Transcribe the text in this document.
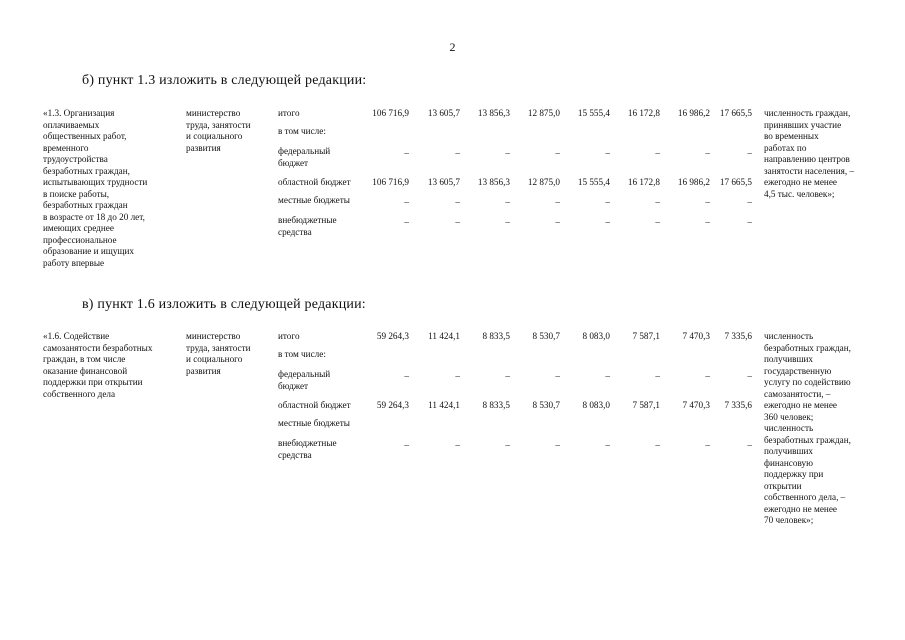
2
б) пункт 1.3 изложить в следующей редакции:
«1.3. Организация
оплачиваемых
общественных работ,
временного
трудоустройства
безработных граждан,
испытывающих трудности
в поиске работы,
безработных граждан
в возрасте от 18 до 20 лет,
имеющих среднее
профессиональное
образование и ищущих
работу впервые
министерство
труда, занятости
и социального
развития
итого	106 716,9	13 605,7	13 856,3	12 875,0	15 555,4	16 172,8	16 986,2	17 665,5
в том числе:
федеральный
бюджет
–	–	–	–	–	–	–	–
областной бюджет	106 716,9	13 605,7	13 856,3	12 875,0	15 555,4	16 172,8	16 986,2	17 665,5
местные бюджеты	–	–	–	–	–	–	–	–
внебюджетные
средства
–	–	–	–	–	–	–	–
численность граждан,
принявших участие
во временных
работах по
направлению центров
занятости населения, –
ежегодно не менее
4,5 тыс. человек»;
в) пункт 1.6 изложить в следующей редакции:
«1.6. Содействие
самозанятости безработных
граждан, в том числе
оказание финансовой
поддержки при открытии
собственного дела
министерство
труда, занятости
и социального
развития
итого	59 264,3	11 424,1	8 833,5	8 530,7	8 083,0	7 587,1	7 470,3	7 335,6
в том числе:
федеральный
бюджет
–	–	–	–	–	–	–	–
областной бюджет	59 264,3	11 424,1	8 833,5	8 530,7	8 083,0	7 587,1	7 470,3	7 335,6
местные бюджеты
внебюджетные
средства
–	–	–	–	–	–	–	–
численность
безработных граждан,
получивших
государственную
услугу по содействию
самозанятости, –
ежегодно не менее
360 человек;
численность
безработных граждан,
получивших
финансовую
поддержку при
открытии
собственного дела, –
ежегодно не менее
70 человек»;
